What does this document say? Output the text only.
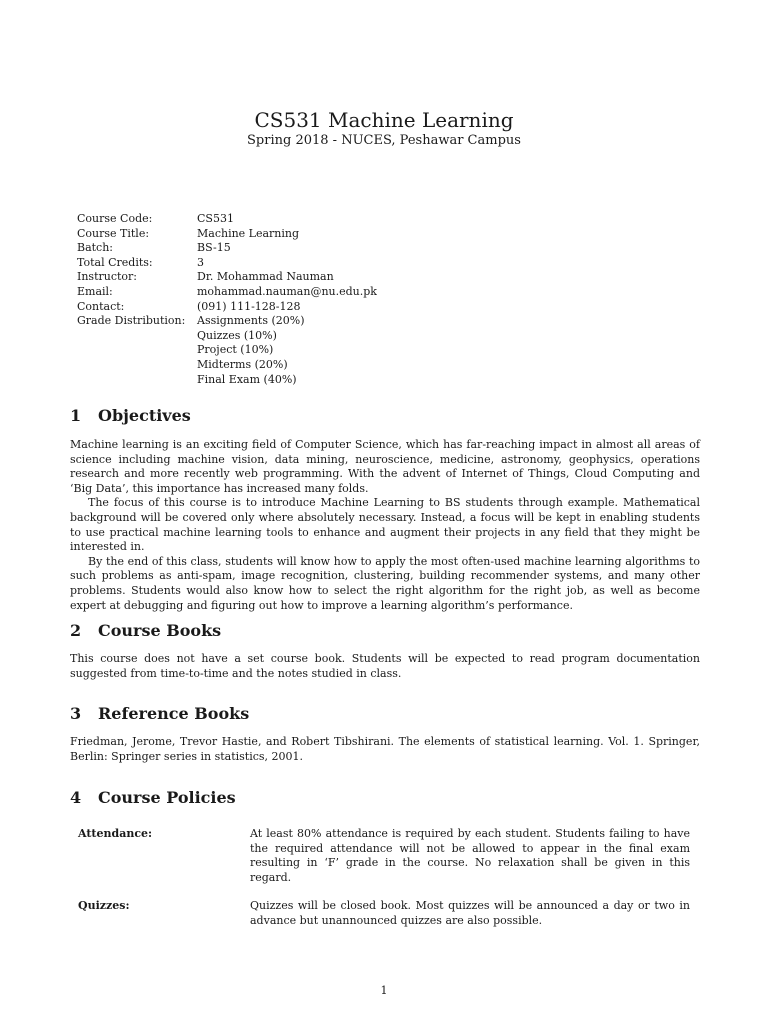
CS531 Machine Learning
Spring 2018 - NUCES, Peshawar Campus
Course Code:	CS531
Course Title:	Machine Learning
Batch:	BS-15
Total Credits:	3
Instructor:	Dr. Mohammad Nauman
Email:	mohammad.nauman@nu.edu.pk
Contact:	(091) 111-128-128
Grade Distribution:	Assignments (20%)
Quizzes (10%)
Project (10%)
Midterms (20%)
Final Exam (40%)
1	Objectives

Machine learning is an exciting field of Computer Science, which has far-reaching impact in almost all areas of science including machine vision, data mining, neuroscience, medicine, astronomy, geophysics, operations research and more recently web programming. With the advent of Internet of Things, Cloud Computing and ‘Big Data’, this importance has increased many folds.

The focus of this course is to introduce Machine Learning to BS students through example. Mathematical background will be covered only where absolutely necessary. Instead, a focus will be kept in enabling students to use practical machine learning tools to enhance and augment their projects in any field that they might be interested in.

By the end of this class, students will know how to apply the most often-used machine learning algorithms to such problems as anti-spam, image recognition, clustering, building recommender systems, and many other problems. Students would also know how to select the right algorithm for the right job, as well as become expert at debugging and figuring out how to improve a learning algorithm’s performance.

2	Course Books

This course does not have a set course book. Students will be expected to read program documentation suggested from time-to-time and the notes studied in class.

3	Reference Books

Friedman, Jerome, Trevor Hastie, and Robert Tibshirani. The elements of statistical learning. Vol. 1. Springer, Berlin: Springer series in statistics, 2001.

4	Course Policies
Attendance:	At least 80% attendance is required by each student. Students failing to have the required attendance will not be allowed to appear in the final exam resulting in ‘F’ grade in the course. No relaxation shall be given in this regard.
Quizzes:	Quizzes will be closed book. Most quizzes will be announced a day or two in advance but unannounced quizzes are also possible.
1
